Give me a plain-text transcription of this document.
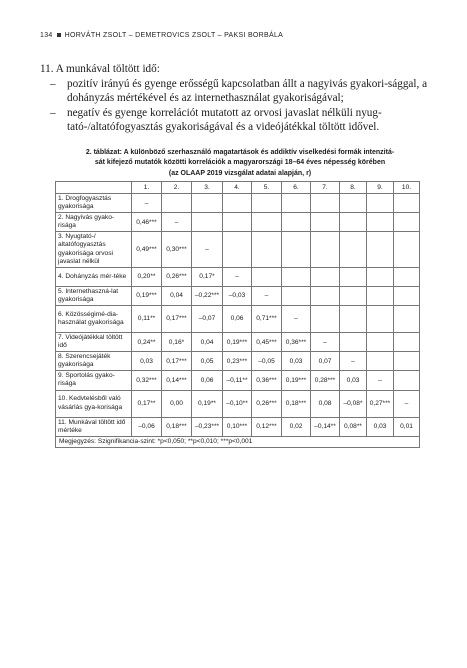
134 HORVÁTH ZSOLT – DEMETROVICS ZSOLT – PAKSI BORBÁLA

11. A munkával töltött idő:

– pozitív irányú és gyenge erősségű kapcsolatban állt a nagyivás gyakori-sággal, a dohányzás mértékével és az internethasználat gyakoriságával;

– negatív és gyenge korrelációt mutatott az orvosi javaslat nélküli nyug-tató-/altatófogyasztás gyakoriságával és a videójátékkal töltött idővel.

2. táblázat: A különböző szerhasználó magatartások és addiktív viselkedési formák intenzitá-
sát kifejező mutatók közötti korrelációk a magyarországi 18–64 éves népesség körében
(az OLAAP 2019 vizsgálat adatai alapján, r)
	1.	2.	3.	4.	5.	6.	7.	8.	9.	10.
1. Drogfogyasztás gyakorisága	–									
2. Nagyivás gyako-risága	0,46***	–								
3. Nyugtató-/ altatófogyasztás gyakorisága orvosi javaslat nélkül	0,49***	0,30***	–							
4. Dohányzás mér-téke	0,20**	0,26***	0,17*	–						
5. Internethaszná-lat gyakorisága	0,19***	0,04	–0,22***	–0,03	–					
6. Közösségimé-dia-használat gyakorisága	0,11**	0,17***	–0,07	0,06	0,71***	–				
7. Videójátékkal töltött idő	0,24**	0,16*	0,04	0,19***	0,45***	0,36***	–			
8. Szerencsejáték gyakorisága	0,03	0,17***	0,05	0,23***	–0,05	0,03	0,07	–		
9. Sportolás gyako-risága	0,32***	0,14***	0,06	–0,11**	0,36***	0,19***	0,28***	0,03	–	
10. Kedvtelésből való vásárlás gya-korisága	0,17**	0,00	0,19**	–0,10**	0,26***	0,18***	0,08	–0,08*	0,27***	–
11. Munkával töltött idő mértéke	–0,06	0,18***	–0,23***	0,10***	0,12***	0,02	–0,14**	0,08**	0,03	0,01
Megjegyzés: Szignifikancia-szint: *p<0,050; **p<0,010; ***p<0,001										
